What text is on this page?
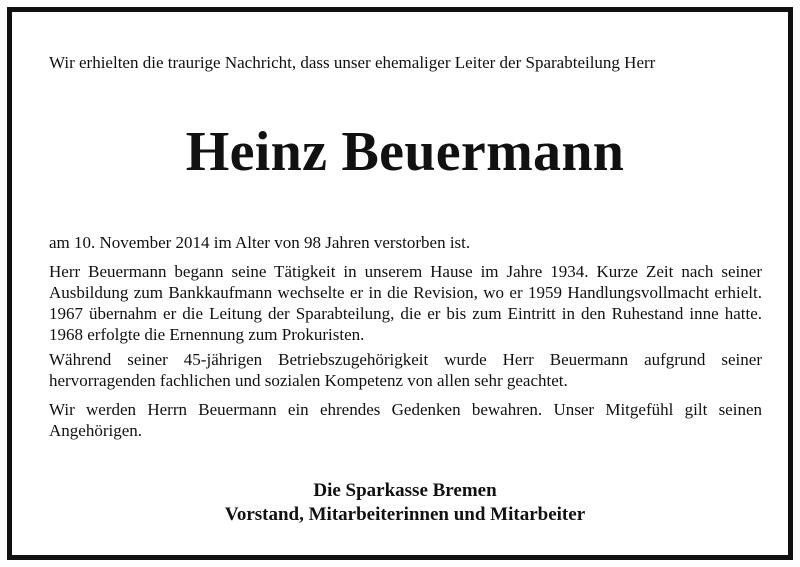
Wir erhielten die traurige Nachricht, dass unser ehemaliger Leiter der Sparabteilung Herr
Heinz Beuermann

am 10. November 2014 im Alter von 98 Jahren verstorben ist.

Herr Beuermann begann seine Tätigkeit in unserem Hause im Jahre 1934. Kurze Zeit nach seiner Ausbildung zum Bankkaufmann wechselte er in die Revision, wo er 1959 Handlungsvollmacht erhielt. 1967 übernahm er die Leitung der Sparabteilung, die er bis zum Eintritt in den Ruhestand inne hatte. 1968 erfolgte die Ernennung zum Prokuristen.

Während seiner 45-jährigen Betriebszugehörigkeit wurde Herr Beuermann aufgrund seiner hervorragenden fachlichen und sozialen Kompetenz von allen sehr geachtet.

Wir werden Herrn Beuermann ein ehrendes Gedenken bewahren. Unser Mitgefühl gilt seinen Angehörigen.

Die Sparkasse Bremen
Vorstand, Mitarbeiterinnen und Mitarbeiter
